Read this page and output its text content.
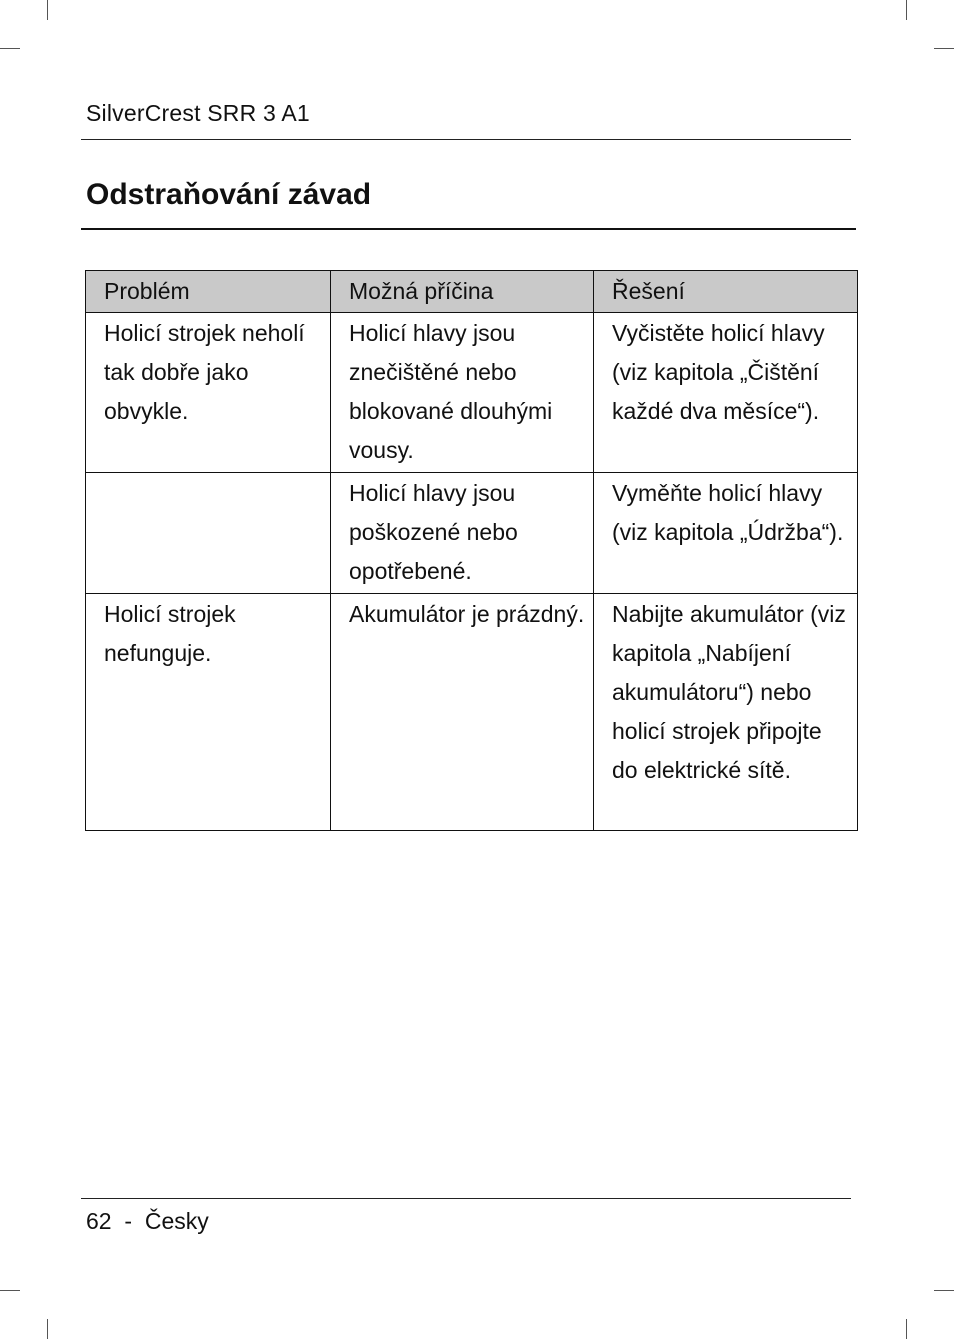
SilverCrest SRR 3 A1
Odstraňování závad
Problém	Možná příčina	Řešení
Holicí strojek neholí tak dobře jako obvykle.	Holicí hlavy jsou znečištěné nebo blokované dlouhými vousy.	Vyčistěte holicí hlavy (viz kapitola „Čištění každé dva měsíce“).
	Holicí hlavy jsou poškozené nebo opotřebené.	Vyměňte holicí hlavy (viz kapitola „Údržba“).
Holicí strojek nefunguje.	Akumulátor je prázdný.	Nabijte akumulátor (viz kapitola „Nabíjení akumulátoru“) nebo holicí strojek připojte do elektrické sítě.
62 - Česky
